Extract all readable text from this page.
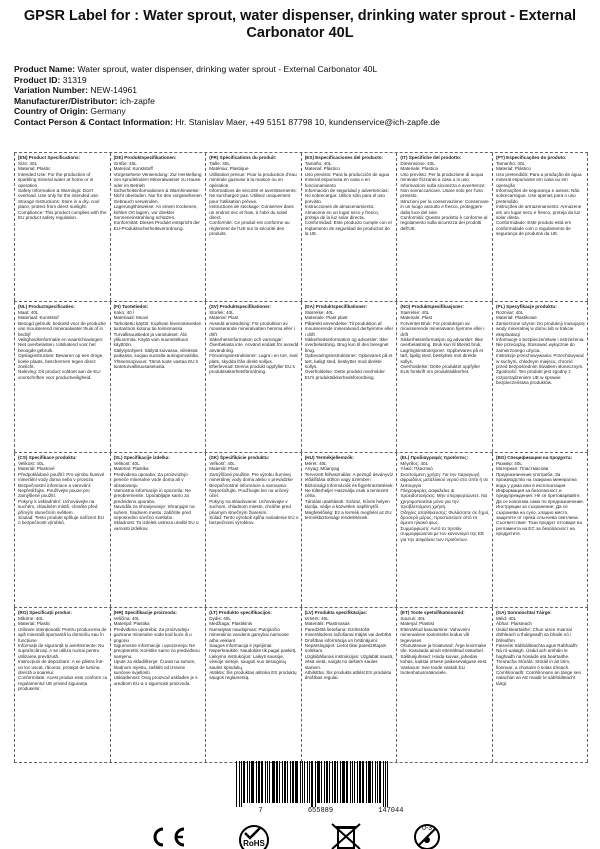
GPSR Label for : Water sprout, water dispenser, drinking water sprout - External Carbonator 40L
Product Name: Water sprout, water dispenser, drinking water sprout - External Carbonator 40L
Product ID: 31319
Variation Number: NEW-14961
Manufacturer/Distributor: ich-zapfe
Country of Origin: Germany
Contact Person & Contact Information: Hr. Stanislav Maer, +49 5151 87798 10, kundenservice@ich-zapfe.de
[EN] Product Specifications:
Size: 40L
Material: Plastic
Intended Use: For the production of sparkling mineral water at home or in operation
Safety Information & Warnings: Don't overload. Use only for the intended use.
Storage Instructions: Store in a dry, cool place, protect from direct sunlight.
Compliance: This product complies with the EU product safety regulation.
(DE) Produktspezifikationen:
Größe: 40L
Material: Kunststoff
Vorgesehene Verwendung: Zur Herstellung von sprudelndem Mineralwasser zu Hause oder im Betrieb
Sicherheitsinformationen & Warnhinweise: Nicht überladen. Nur für den vorgesehenen Gebrauch verwenden.
Lagerungshinweise: An einem trockenen, kühlen Ort lagern, vor direkter Sonneneinstrahlung schützen.
Konformität: Dieses Produkt entspricht der EU-Produktsicherheitsverordnung.
(FR) Spécifications du produit:
Taille: 40L
Matériau: Plastique
Utilisation prévue: Pour la production d'eau minérale gazeuse à la maison ou en opération
Informations de sécurité et avertissements: Ne surchargez pas. Utilisez uniquement pour l'utilisation prévue.
Instructions de stockage: Conserver dans un endroit sec et frais, à l'abri du soleil direct.
Conformité: Ce produit est conforme au règlement de l'UE sur la sécurité des produits.
(ES) Especificaciones del producto:
Tamaño: 40L
Material: Plástico
Uso previsto: Para la producción de agua mineral espumosa en casa o en funcionamiento
Información de seguridad y advertencias: No sobrecargar. Utilice sólo para el uso previsto.
Instrucciones de almacenamiento: Almacene en un lugar seco y fresco, proteja de la luz solar directa.
Conformidad: Este producto cumple con el reglamento de seguridad de productos de la UE.
(IT) Specifiche del prodotto:
Dimensione: 40L
Materiale: Plastica
Uso previsto: Per la produzione di acqua minerale frizzante a casa o in uso.
Informazioni sulla sicurezza e avvertenze: Non sovraccaricare. Usare solo per l'uso previsto.
Istruzioni per la conservazione: Conservare in un luogo asciutto e fresco, proteggere dalla luce del sole.
Conformità: Questo prodotto è conforme al regolamento sulla sicurezza dei prodotti dell'UE.
(PT) Especificações do produto:
Tamanho: 40L
Material: Plástico
Uso pretendido: Para a produção de água mineral espumante em casa ou em operação
Informações de segurança e avisos: Não sobrecarregue. Use apenas para o uso pretendido.
Instruções de armazenamento: Armazene em um lugar seco e fresco, proteja da luz solar direta.
Conformidade: Este produto está em conformidade com o regulamento de segurança de produtos da UE.
(NL) Productspecificaties:
Maat: 40L
Materiaal: Kunststof
Beoogd gebruik: bedoeld voor de productie van mousserend mineraalwater thuis of in bedrijf
Veiligheidsinformatie en waarschuwingen: Niet overbelasten. Uitsluitend voor het beoogde gebruik.
Opslaginstructies: Bewaren op een droge, koele plaats, beschermen tegen direct zonlicht.
Naleving: Dit product voldoet aan de EU-voorschriften voor productveiligheid.
(FI) Tuotetiedot:
Koko: 40 l
Materiaali: Muovi
Tarkoitettu käyttö: Kuplivan kivennäisveden tuotantoon kotona tai toiminnassa
Turvallisuustiedot ja varoitukset: Älä ylikuormita. Käytä vain suunniteltuun käyttöön.
Säilytysohjeet: Säilytä kuivassa, viileässä paikassa, suojaa suoralta auringonvalolta.
Yhteensopivuus: Tämä tuote vastaa EU:n tuoteturvallisuusasetusta.
(SV) Produktspecifikationer:
Storlek: 40L
Material: Plast
Avsedd användning: För produktion av mousserande mineralvatten hemma eller i drift
Säkerhetsinformation och varningar: Överbelasta inte. Använd endast för avsedd användning.
Förvaringsinstruktioner: Lagra i en torr, sval plats, skydda från direkt solljus.
Efterlevnad: Denna produkt uppfyller EU:s produktsäkerhetsförordning.
(DA) Produktspecifikationer:
Størrelse: 40L
Materiale: Plast plast
Påtænkt anvendelse: Til produktion af mousserende mineralvand derhjemme eller i drift
Sikkerhedsinformation og advarsler: Ikke overbelastning. Brug kun til den beregnet brug.
Opbevaringsinstruktioner: Opbevares på et tørt, køligt sted, beskytter mod direkte sollys.
Overholdelse: Dette produkt overholder EU's produktsikkerhedsforordning.
(NO) Produktspesifikasjoner:
Størrelse: 40L
Materiale: Plast
Forventet Bruk: For produksjon av mousserende mineralvann hjemme eller i drift
Sikkerhetsinformasjon og advarsler: Ikke overbelastning. Bruk kun til tiltenkt bruk.
Lagringsinstruksjoner: Oppbevares på et tørt, kjølig sted, beskyttes mot direkte sollys.
Overholdelse: Dette produktet oppfyller EUs forskrift om produktsikkerhet.
(PL) Specyfikacje produktu:
Rozmiar: 40L
Materiał: Plastikowe
Zamierzone użycie: Do produkcji musującej wody mineralnej w domu lub w trakcie eksploatacji
Informacje o bezpieczeństwie i ostrzeżenia: Nie przeciążaj. Stosować wyłącznie do zamierzonego użycia.
Instrukcje przechowywania: Przechowywać w suchym, chłodnym miejscu, chronić przed bezpośrednim światłem słonecznym.
Zgodność: Ten produkt jest zgodny z rozporządzeniem UE w sprawie bezpieczeństwa produktów.
(CS) Specifikace produktu:
Velikost: 40L
Materiál: Plastové
Předpokládané použití: Pro výrobu šumivé minerální vody doma nebo v provozu
Bezpečnostní informace a varování: Nepřetěžujte. Používejte pouze pro zamýšlené použití.
Pokyny k uskladnění: Uchovávejte na suchém, chladném místě, chraňte před přímým slunečním světlem.
Soulad: Tento produkt splňuje nařízení EU o bezpečnosti výrobků.
(SL) Specifikacije izdelka:
Velikost: 40L
Material: Plastika
Predvidena uporaba: Za proizvodnjo peneče mineralne vode doma ali v obratovanju
Varnostne informacije in opozorila: Ne preobremenite. Uporabljajte samo za predvideno uporabo.
Navodila za shranjevanje: Shranjujte na suhem, hladnem mestu, zaščitite pred neposredno sončno svetlobo.
Skladnost: Ta izdelek ustreza uredbi EU o varnosti izdelkov.
(SK) Špecifikácie produktu:
Veľkosť: 40L
Materiál: Plast
Zamýšľané použitie: Pre výrobu šumivej minerálnej vody doma alebo v prevádzke
Bezpečnostné informácie a varovania: Nepreťažujte. Používajte len na určený účel.
Pokyny na skladovanie: Uchovávajte v suchom, chladnom mieste, chráňte pred priamym slnečným žiarením.
Súlad: Tento výrobok spĺňa nariadenie EÚ o bezpečnosti výrobkov.
(HU) Termékjellemzők:
Méret: 40L
Anyag: Műanyag
Tervezett felhasználás: A pezsgő ásványvíz előállítása otthon vagy üzemben
Biztonsági információk és figyelmeztetések: Ne túlterhelje! Használja csak a tervezett célra.
Tárolási utasítások: Száraz, hűvös helyen tárolja, védje a közvetlen napfénytől.
Megfelelőség: Ez a termék megfelel az EU termékbiztonsági rendeletének.
(EL) Προδιαγραφές προϊόντος:
Μέγεθος: 40L
Υλικό: Πλαστικό
Σκοπούμενη χρήση: Για την παραγωγή αφρώδους μεταλλικού νερού στο σπίτι ή σε λειτουργία
Πληροφορίες ασφαλείας & προειδοποιήσεις: Μην υπερφορτώνετε. Να χρησιμοποιείται μόνο για την προβλεπόμενη χρήση.
Οδηγίες αποθήκευσης: Φυλάσσετε σε ξηρό, δροσερό μέρος, προστατεύετε από το άμεσο ηλιακό φως.
Συμμόρφωση: Αυτό το προϊόν συμμορφώνεται με τον κανονισμό της ΕΕ για την ασφάλεια των προϊόντων.
(BG) Спецификации на продукта:
Размер: 40L
Материал: Пластмасови
Предназначение употреба: За производство на газирана минерална вода у дома или в експлоатация
Информация за безопасност и предупреждения: Не се претоварвайте. Да се използва само по предназначение.
Инструкции за съхранение: Да се съхранява на сухо, хладно място, защитете от пряка слънчева светлина.
Съответствие: Този продукт отговаря на регламента на ЕС за безопасност на продуктите.
(RO) Specificații produs:
Mărime: 40L
Material: Plastic
Utilizare intenționată: Pentru producerea de apă minerală spumantă la domiciliu sau în funcțiune
Informații de siguranță și avertismente: Nu supraîncărcați. A se utiliza numai pentru utilizarea prevăzută.
Instrucțiuni de depozitare: A se păstra într-un loc uscat, răcoros, protejat de lumina directă a soarelui.
Conformitate: Acest produs este conform cu regulamentul UE privind siguranța produselor.
(HR) Specifikacije proizvoda:
Veličina: 40L
Materijal: Plastika
Predviđena upotreba: Za proizvodnju gazirane mineralne vode kod kuće ili u pogonu
Sigurnosne informacije i upozorenja: Ne preopteretiti. Koristite samo za predviđenu namjenu.
Upute za skladištenje: Čuvati na suhom, hladnom mjestu, zaštititi od izravne sunčeve svjetlosti.
Usklađenost: Ovaj proizvod usklađen je s uredbom EU-a o sigurnosti proizvoda.
(LT) Produkto specifikacijos:
Dydis: 40L
Medžiaga: Plastikinis
Numatytas naudojimas: Putojančio mineralinio vandens gamybai namuose arba veikiant
Saugos informacija ir įspėjimai: Neperkraukite. Naudokite tik pagal paskirtį.
Laikymo instrukcijos: Laikyti sausoje, vėsioje vietoje, saugoti nuo tiesioginių saulės spindulių.
Atitiktis: Šis produktas atitinka ES produktų saugos reglamentą.
(LV) Produkta specifikācijas:
Izmērs: 40L
Materiāls: Plastmasas
Paredzētā lietošana: Dzirkstošā minerālūdens ražošanai mājās vai darbībā
Drošības informācija un brīdinājumi: Nepārslogojiet. Lietot tikai paredzētajam nolūkam.
Uzglabāšanas instrukcijas: Uzglabāt sausā, vēsā vietā, sargāt no tiešiem saules stariem.
Atbilstība: Šis produkts atbilst ES produktu drošības regulai.
(ET) Toote spetsifikatsioonid:
Suurus: 40L
Materjal: Plastist
Ettenähtud kasutamine: Vahuveini mineraalvee tootmiseks kodus või tegevuses
Ohutusteave ja hoiatused: Ärge koormake üle. Kasutada ainult ettenähtud otstarbel.
Säilitusjuhised: Hoida kuivas, jahedas kohas, kaitsta otsese päikesevalguse eest.
Vastavus: See toode vastab ELi tooteohutusmäärusele.
(GA) Sonraíochtaí Táirge:
Méid: 40L
Ábhar: Plaisteach
Úsáid Beartaithe: Chun uisce mianraí drithleach a tháirgeadh sa bhaile nó i bhfeidhm
Faisnéis Sábháilteachta agus Rabhaidh: Ná ró-ualaigh. Úsáid ach amháin le haghaidh na húsáide atá beartaithe.
Treoracha Stórála: Stóráil in áit tirim, fionnuar, a chosaint ó solas díreach.
Comhlíonadh: Comhlíonann an táirge seo rialachán an AE maidir le sábháilteacht táirgí.
7	655889	147044
RoHS
0-3
